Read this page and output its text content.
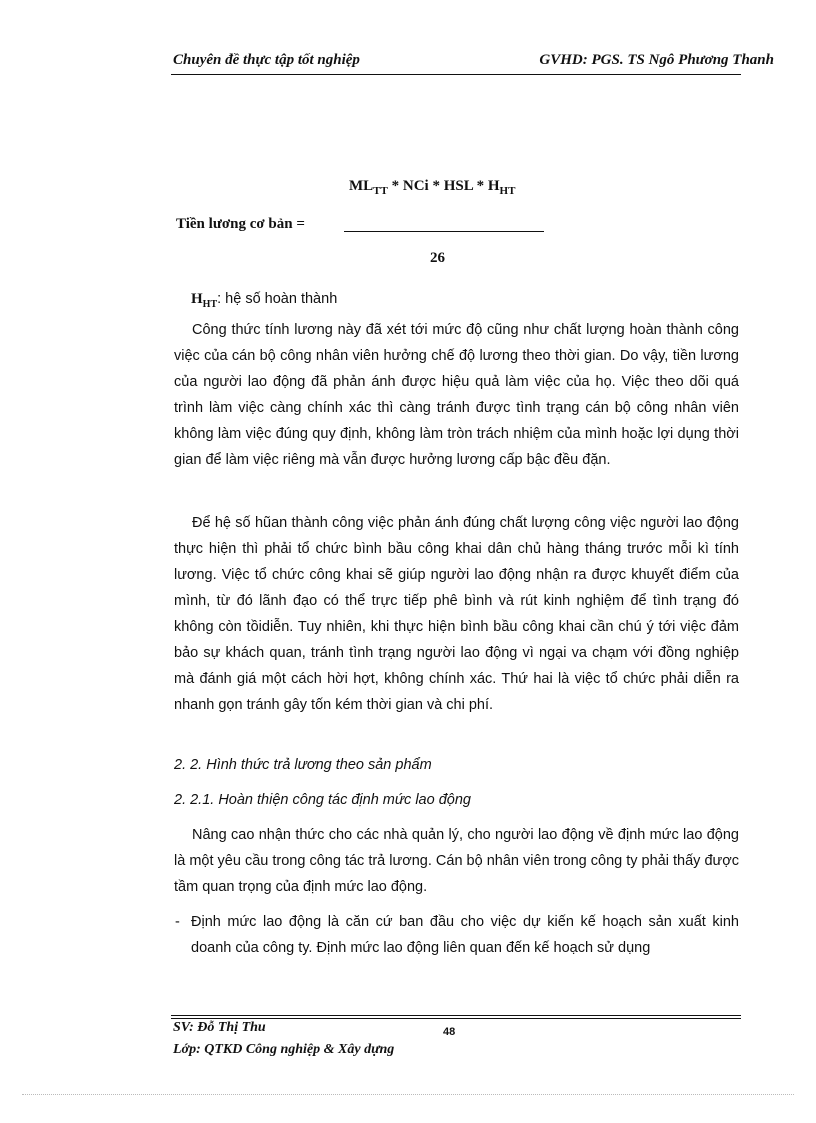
Chuyên đề thực tập tốt nghiệp	GVHD: PGS. TS Ngô Phương Thanh
$ML_{TT}$ * NCi * HSL * $H_{HT}$
Tiền lương cơ bản =
26
$H_{HT}$: hệ số hoàn thành

Công thức tính lương này đã xét tới mức độ cũng như chất lượng hoàn thành công việc của cán bộ công nhân viên hưởng chế độ lương theo thời gian. Do vậy, tiền lương của người lao động đã phản ánh được hiệu quả làm việc của họ. Việc theo dõi quá trình làm việc càng chính xác thì càng tránh được tình trạng cán bộ công nhân viên không làm việc đúng quy định, không làm tròn trách nhiệm của mình hoặc lợi dụng thời gian để làm việc riêng mà vẫn được hưởng lương cấp bậc đều đặn.

Để hệ số hũan thành công việc phản ánh đúng chất lượng công việc người lao động thực hiện thì phải tổ chức bình bầu công khai dân chủ hàng tháng trước mỗi kì tính lương. Việc tổ chức công khai sẽ giúp người lao động nhận ra được khuyết điểm của mình, từ đó lãnh đạo có thể trực tiếp phê bình và rút kinh nghiệm để tình trạng đó không còn tồidiễn. Tuy nhiên, khi thực hiện bình bầu công khai cần chú ý tới việc đảm bảo sự khách quan, tránh tình trạng người lao động vì ngại va chạm với đồng nghiệp mà đánh giá một cách hời hợt, không chính xác. Thứ hai là việc tổ chức phải diễn ra nhanh gọn tránh gây tốn kém thời gian và chi phí.

2. 2. Hình thức trả lương theo sản phẩm
2. 2.1. Hoàn thiện công tác định mức lao động

Nâng cao nhận thức cho các nhà quản lý, cho người lao động về định mức lao động là một yêu cầu trong công tác trả lương. Cán bộ nhân viên trong công ty phải thấy được tầm quan trọng của định mức lao động.

- Định mức lao động là căn cứ ban đầu cho việc dự kiến kế hoạch sản xuất kinh doanh của công ty. Định mức lao động liên quan đến kế hoạch sử dụng
SV: Đỗ Thị Thu	48
Lớp: QTKD Công nghiệp & Xây dựng
